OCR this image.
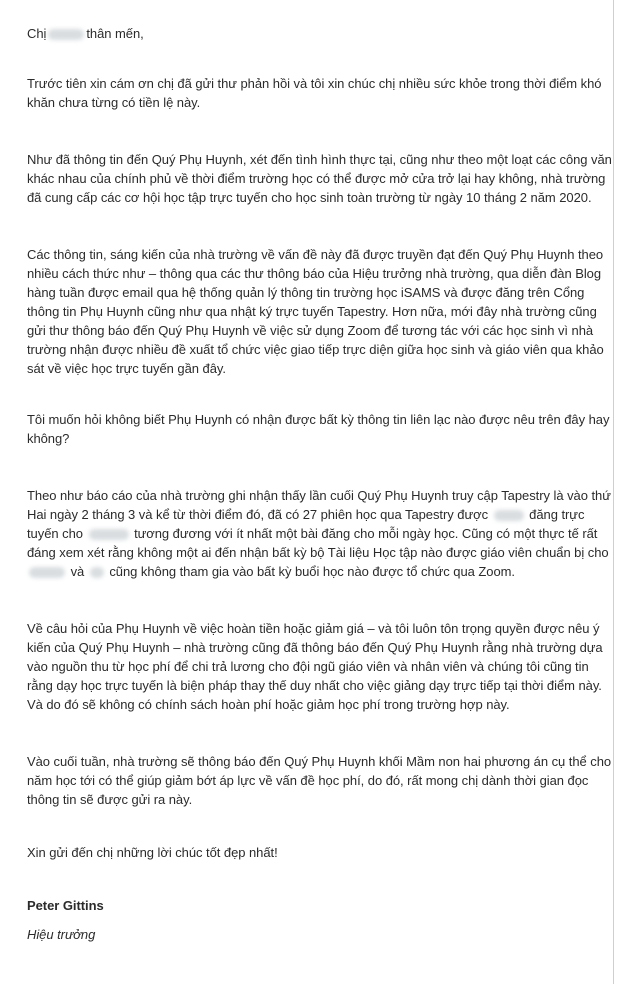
Chị	thân mến,

Trước tiên xin cám ơn chị đã gửi thư phản hồi và tôi xin chúc chị nhiều sức khỏe trong thời điểm khó khăn chưa từng có tiền lệ này.

Như đã thông tin đến Quý Phụ Huynh, xét đến tình hình thực tại, cũng như theo một loạt các công văn khác nhau của chính phủ về thời điểm trường học có thể được mở cửa trở lại hay không, nhà trường đã cung cấp các cơ hội học tập trực tuyến cho học sinh toàn trường từ ngày 10 tháng 2 năm 2020.

Các thông tin, sáng kiến của nhà trường về vấn đề này đã được truyền đạt đến Quý Phụ Huynh theo nhiều cách thức như – thông qua các thư thông báo của Hiệu trưởng nhà trường, qua diễn đàn Blog hàng tuần được email qua hệ thống quản lý thông tin trường học iSAMS và được đăng trên Cổng thông tin Phụ Huynh cũng như qua nhật ký trực tuyến Tapestry. Hơn nữa, mới đây nhà trường cũng gửi thư thông báo đến Quý Phụ Huynh về việc sử dụng Zoom để tương tác với các học sinh vì nhà trường nhận được nhiều đề xuất tổ chức việc giao tiếp trực diện giữa học sinh và giáo viên qua khảo sát về việc học trực tuyến gần đây.

Tôi muốn hỏi không biết Phụ Huynh có nhận được bất kỳ thông tin liên lạc nào được nêu trên đây hay không?

Theo như báo cáo của nhà trường ghi nhận thấy lần cuối Quý Phụ Huynh truy cập Tapestry là vào thứ Hai ngày 2 tháng 3 và kể từ thời điểm đó, đã có 27 phiên học qua Tapestry được	đăng trực tuyến cho	tương đương với ít nhất một bài đăng cho mỗi ngày học. Cũng có một thực tế rất đáng xem xét rằng không một ai đến nhận bất kỳ bộ Tài liệu Học tập nào được giáo viên chuẩn bị cho  và cũng không tham gia vào bất kỳ buổi học nào được tổ chức qua Zoom.

Về câu hỏi của Phụ Huynh về việc hoàn tiền hoặc giảm giá – và tôi luôn tôn trọng quyền được nêu ý kiến của Quý Phụ Huynh – nhà trường cũng đã thông báo đến Quý Phụ Huynh rằng nhà trường dựa vào nguồn thu từ học phí để chi trả lương cho đội ngũ giáo viên và nhân viên và chúng tôi cũng tin rằng dạy học trực tuyến là biện pháp thay thế duy nhất cho việc giảng dạy trực tiếp tại thời điểm này. Và do đó sẽ không có chính sách hoàn phí hoặc giảm học phí trong trường hợp này.

Vào cuối tuần, nhà trường sẽ thông báo đến Quý Phụ Huynh khối Mầm non hai phương án cụ thể cho năm học tới có thể giúp giảm bớt áp lực về vấn đề học phí, do đó, rất mong chị dành thời gian đọc thông tin sẽ được gửi ra này.

Xin gửi đến chị những lời chúc tốt đẹp nhất!

Peter Gittins

Hiệu trưởng
